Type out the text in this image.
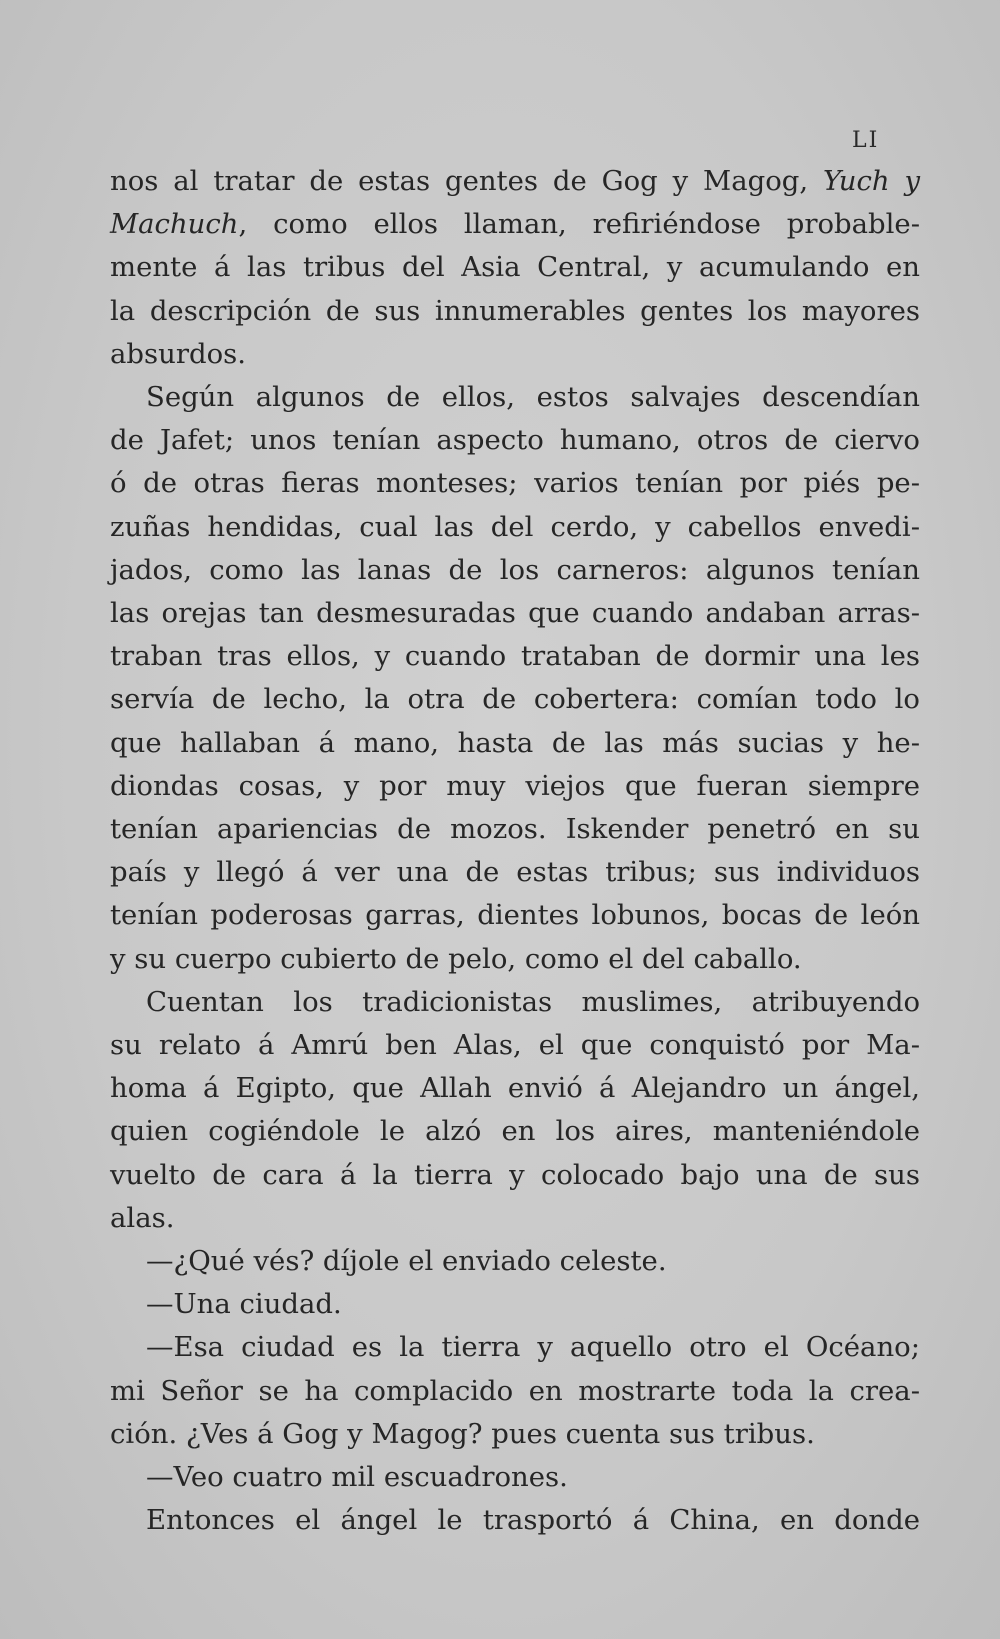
LI
nos al tratar de estas gentes de Gog y Magog, Yuch y
Machuch, como ellos llaman, refiriéndose probable-
mente á las tribus del Asia Central, y acumulando en
la descripción de sus innumerables gentes los mayores
absurdos.
Según algunos de ellos, estos salvajes descendían
de Jafet; unos tenían aspecto humano, otros de ciervo
ó de otras fieras monteses; varios tenían por piés pe-
zuñas hendidas, cual las del cerdo, y cabellos envedi-
jados, como las lanas de los carneros: algunos tenían
las orejas tan desmesuradas que cuando andaban arras-
traban tras ellos, y cuando trataban de dormir una les
servía de lecho, la otra de cobertera: comían todo lo
que hallaban á mano, hasta de las más sucias y he-
diondas cosas, y por muy viejos que fueran siempre
tenían apariencias de mozos. Iskender penetró en su
país y llegó á ver una de estas tribus; sus individuos
tenían poderosas garras, dientes lobunos, bocas de león
y su cuerpo cubierto de pelo, como el del caballo.
Cuentan los tradicionistas muslimes, atribuyendo
su relato á Amrú ben Alas, el que conquistó por Ma-
homa á Egipto, que Allah envió á Alejandro un ángel,
quien cogiéndole le alzó en los aires, manteniéndole
vuelto de cara á la tierra y colocado bajo una de sus
alas.
—¿Qué vés? díjole el enviado celeste.
—Una ciudad.
—Esa ciudad es la tierra y aquello otro el Océano;
mi Señor se ha complacido en mostrarte toda la crea-
ción. ¿Ves á Gog y Magog? pues cuenta sus tribus.
—Veo cuatro mil escuadrones.
Entonces el ángel le trasportó á China, en donde
